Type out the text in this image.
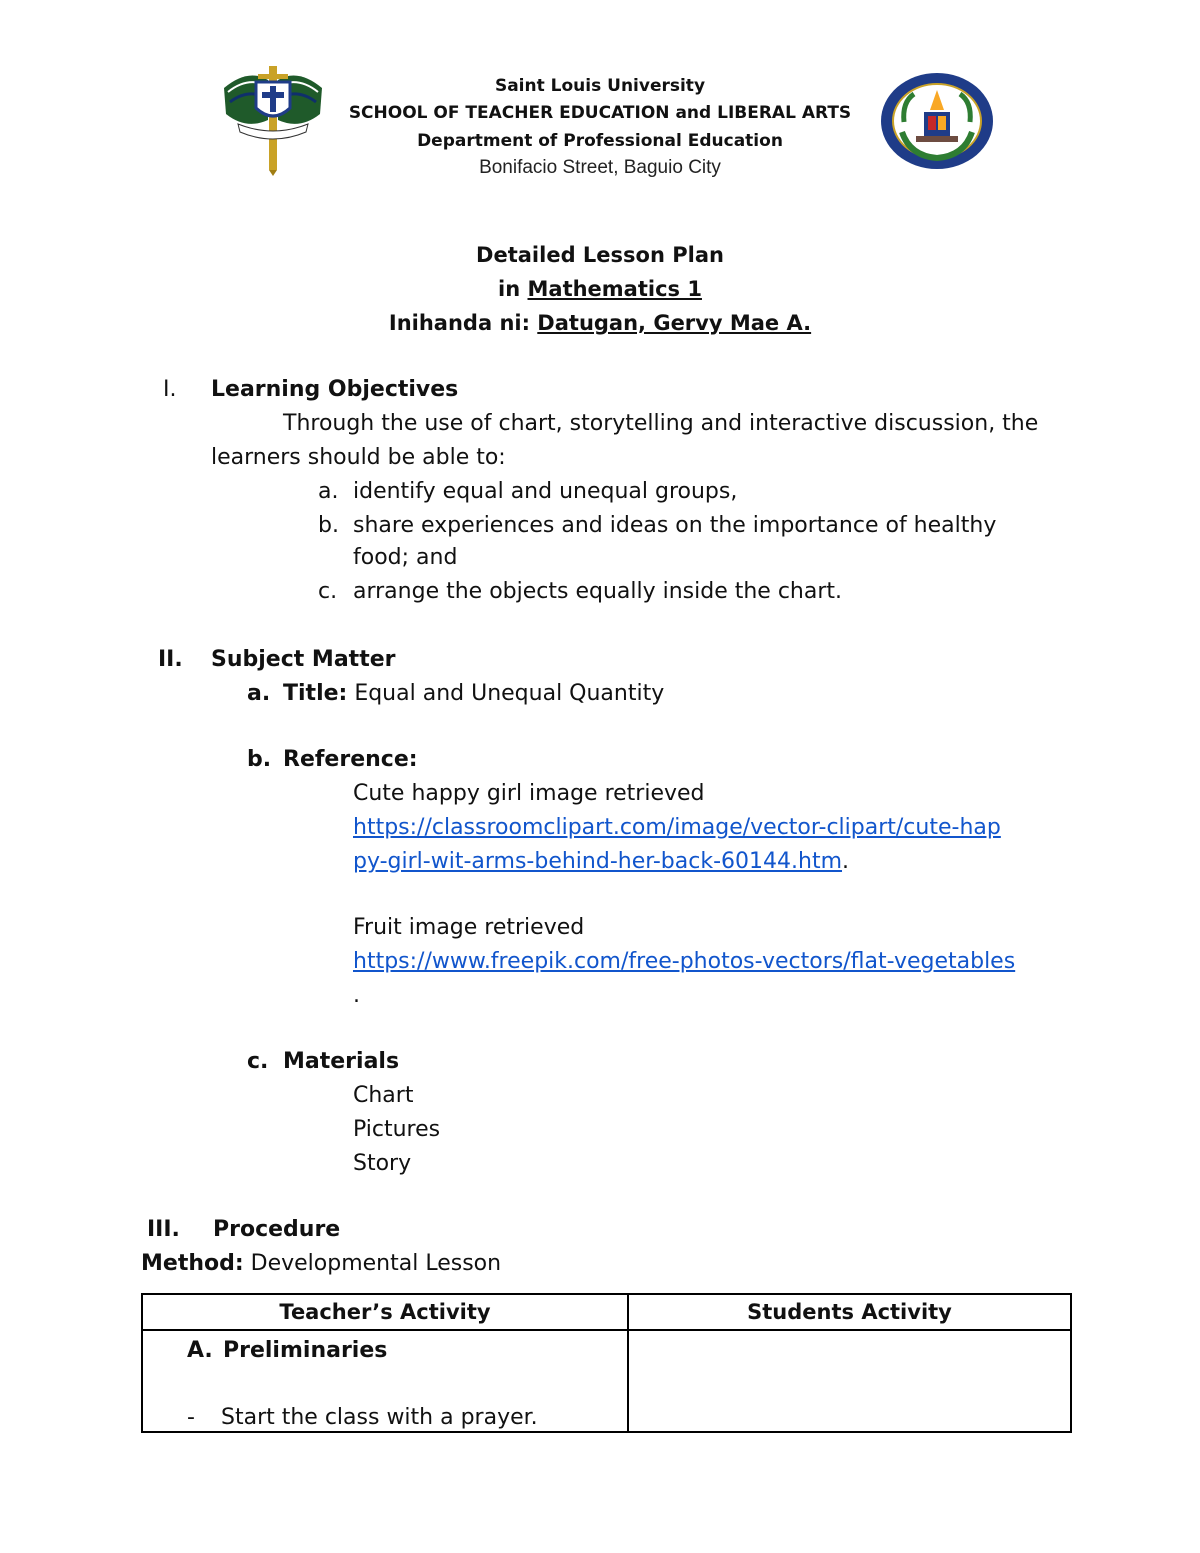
Saint Louis University
SCHOOL OF TEACHER EDUCATION and LIBERAL ARTS
Department of Professional Education
Bonifacio Street, Baguio City
Detailed Lesson Plan
in Mathematics 1
Inihanda ni: Datugan, Gervy Mae A.
I. Learning Objectives
Through the use of chart, storytelling and interactive discussion, the
learners should be able to:
a. identify equal and unequal groups,
b. share experiences and ideas on the importance of healthy
food; and
c. arrange the objects equally inside the chart.
II. Subject Matter
a. Title: Equal and Unequal Quantity
b. Reference:
Cute happy girl image retrieved
https://classroomclipart.com/image/vector-clipart/cute-hap
py-girl-wit-arms-behind-her-back-60144.htm.
Fruit image retrieved
https://www.freepik.com/free-photos-vectors/flat-vegetables
.
c. Materials
Chart
Pictures
Story
III. Procedure
Method: Developmental Lesson
Teacher’s Activity	Students Activity

A. Preliminaries
- Start the class with a prayer.	
